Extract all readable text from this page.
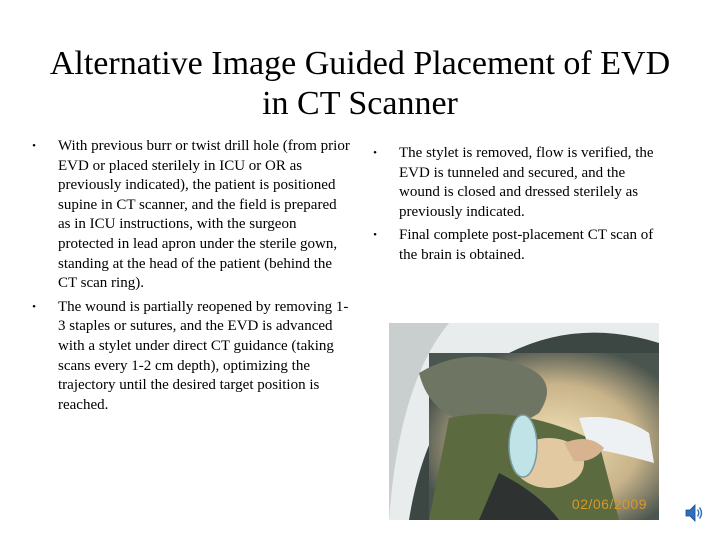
Alternative Image Guided Placement of EVD in CT Scanner
• With previous burr or twist drill hole (from prior EVD or placed sterilely in ICU or OR as previously indicated), the patient is positioned supine in CT scanner, and the field is prepared as in ICU instructions, with the surgeon protected in lead apron under the sterile gown, standing at the head of the patient (behind the CT scan ring).
• The wound is partially reopened by removing 1-3 staples or sutures, and the EVD is advanced with a stylet under direct CT guidance (taking scans every 1-2 cm depth), optimizing the trajectory until the desired target position is reached.
• The stylet is removed, flow is verified, the EVD is tunneled and secured, and the wound is closed and dressed sterilely as previously indicated.
• Final complete post-placement CT scan of the brain is obtained.
02/06/2009
